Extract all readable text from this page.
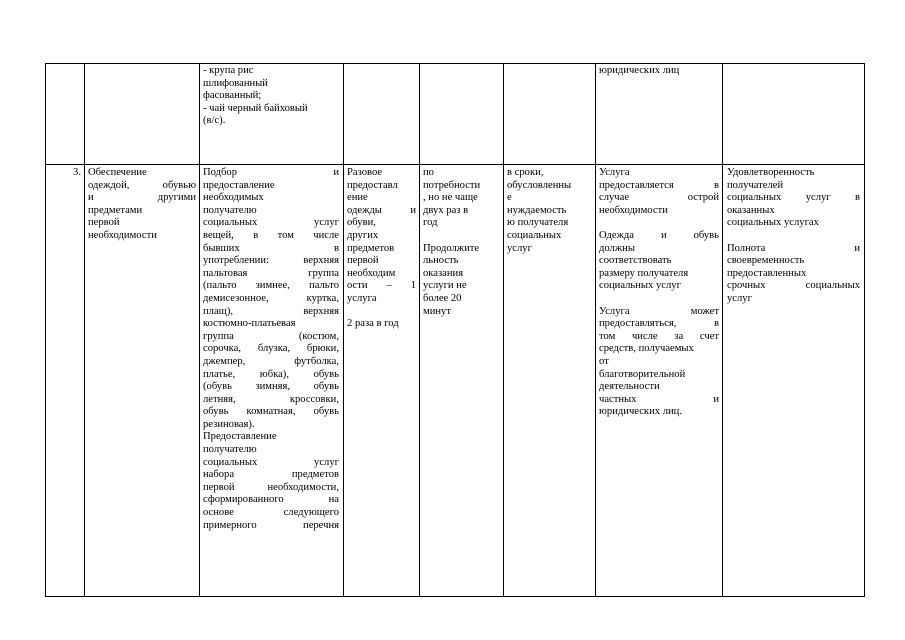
- крупа рис

шлифованный

фасованный;

- чай черный байховый

(в/с).

юридических лиц

3. Обеспечение

одеждой, обувью

и другими

предметами

первой

необходимости

Подбор и

предоставление

необходимых

получателю

социальных услуг

вещей, в том числе

бывших в

употреблении: верхняя

пальтовая группа

(пальто зимнее, пальто

демисезонное, куртка,

плащ), верхняя

костюмно-платьевая

группа (костюм,

сорочка, блузка, брюки,

джемпер, футболка,

платье, юбка), обувь

(обувь зимняя, обувь

летняя, кроссовки,

обувь комнатная, обувь

резиновая).

Предоставление

получателю

социальных услуг

набора предметов

первой необходимости,

сформированного на

основе следующего

примерного перечня

Разовое

предоставл

ение

одежды и

обуви,

других

предметов

первой

необходим

ости – 1

услуга

2 раза в год

по

потребности

, но не чаще

двух раз в

год

Продолжите

льность

оказания

услуги не

более 20

минут

в сроки,

обусловленны

е

нуждаемость

ю получателя

социальных

услуг

Услуга

предоставляется в

случае острой

необходимости

Одежда и обувь

должны

соответствовать

размеру получателя

социальных услуг

Услуга может

предоставляться, в

том числе за счет

средств, получаемых

от

благотворительной

деятельности

частных и

юридических лиц.

Удовлетворенность

получателей

социальных услуг в

оказанных

социальных услугах

Полнота и

своевременность

предоставленных

срочных социальных

услуг
